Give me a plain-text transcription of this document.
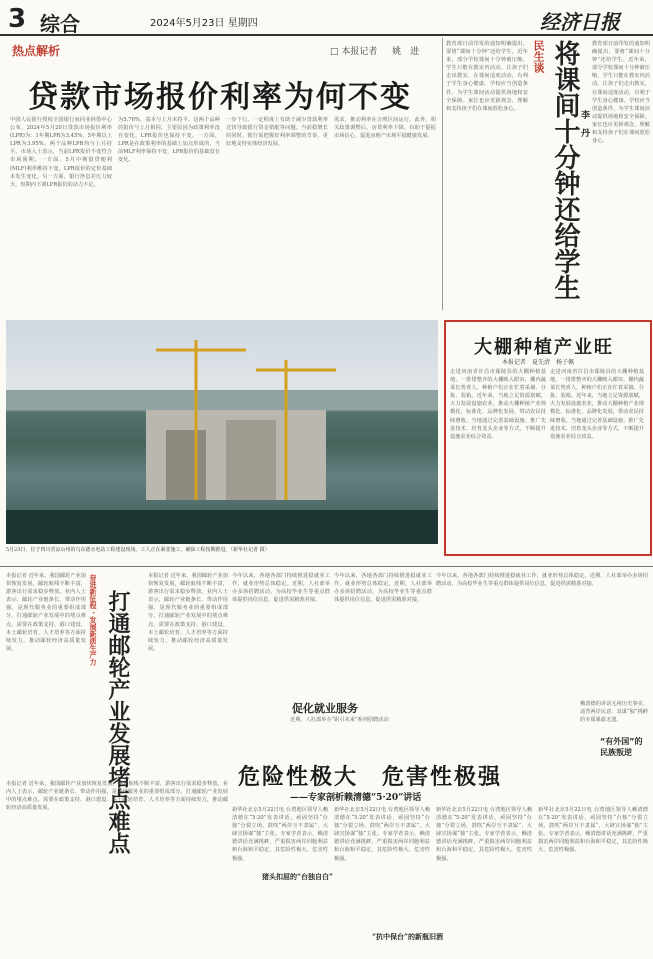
3 综合	2024年5月23日 星期四	经济日报
热点解析	□ 本报记者 　 姚　进
贷款市场报价利率为何不变
中国人民银行授权全国银行间同业拆借中心公布，2024年5月20日贷款市场报价利率(LPR)为：1年期LPR为3.45%，5年期以上LPR为3.95%，两个品种LPR均与上月持平。市场人士表示，当前LPR报价不变符合市场预期。一方面，5月中期借贷便利(MLF)利率维持不变，LPR报价的定价基础未发生变化。另一方面，银行净息差压力较大，短期内下调LPR报价的动力不足。
为5.76%，基本与上月末持平。这两个品种的报价与上月相同，主要原因为政策利率没有变化，LPR报价也保持不变。一方面，LPR是在政策利率的基础上加点形成的，当前MLF利率保持不变，LPR报价的基础没有变化。
一步下行。一定程度上有助于减少贷款利率过快导致银行资金错配等问题。当前稳增长的同时，银行需把握好利率调整的节奏，更好地支持实体经济发展。
需求，推动利率在合理区间运行。此外，相关政策调整后，房贷利率下降，有助于提振市场信心，促进房地产市场平稳健康发展。
教育部日前印发的通知明确提出，要将“课间十分钟”还给学生。近年来，部分学校课间十分钟被压缩，学生只能在教室内活动。让孩子们走出教室，在课间适度活动，有利于学生身心健康。学校应当创造条件，为学生课间活动提供场地和安全保障。家长也应更新观念，理解和支持孩子们在课间放松身心。
民生谈 将课间十分钟还给学生 李　丹
教育部日前印发的通知明确提出，要将“课间十分钟”还给学生。近年来，部分学校课间十分钟被压缩，学生只能在教室内活动。让孩子们走出教室，在课间适度活动，有利于学生身心健康。学校应当创造条件，为学生课间活动提供场地和安全保障。家长也应更新观念，理解和支持孩子们在课间放松身心。
5月23日，位于四川省凉山州的乌东德水电站工程建设现场。工人正在紧张施工，确保工程按期推进。（新华社记者 摄）
大棚种植产业旺
本报记者　夏先清　杨子佩
走进河南省许昌市鄢陵县的大棚种植基地，一排排整齐的大棚映入眼帘，棚内蔬菜长势喜人，种植户们正在忙着采摘、分拣、装箱。近年来，当地立足资源禀赋，大力发展设施农业，推动大棚种植产业规模化、标准化、品牌化发展，带动农民持续增收。当地通过完善基础设施、推广先进技术、培育龙头企业等方式，不断提升设施农业综合效益。
走进河南省许昌市鄢陵县的大棚种植基地，一排排整齐的大棚映入眼帘，棚内蔬菜长势喜人，种植户们正在忙着采摘、分拣、装箱。近年来，当地立足资源禀赋，大力发展设施农业，推动大棚种植产业规模化、标准化、品牌化发展，带动农民持续增收。当地通过完善基础设施、推广先进技术、培育龙头企业等方式，不断提升设施农业综合效益。
本报记者 近年来，我国邮轮产业加快恢复发展，邮轮航线不断丰富，游客出行需求稳步释放。业内人士表示，邮轮产业链条长、带动作用强，是现代服务业的重要组成部分。打通邮轮产业发展中的堵点难点，需要在政策支持、港口建设、本土邮轮培育、人才培养等方面持续发力，推动邮轮经济高质量发展。	奋进新征程 · 发展新质生产力 打通邮轮产业发展堵点难点
本报记者 近年来，我国邮轮产业加快恢复发展，邮轮航线不断丰富，游客出行需求稳步释放。业内人士表示，邮轮产业链条长、带动作用强，是现代服务业的重要组成部分。打通邮轮产业发展中的堵点难点，需要在政策支持、港口建设、本土邮轮培育、人才培养等方面持续发力，推动邮轮经济高质量发展。
今年以来，各地各部门持续推进稳就业工作，就业形势总体稳定。近期，人社部举办多场招聘活动，为高校毕业生等重点群体提供岗位信息，促进供需精准对接。
今年以来，各地各部门持续推进稳就业工作，就业形势总体稳定。近期，人社部举办多场招聘活动，为高校毕业生等重点群体提供岗位信息，促进供需精准对接。
促化就业服务
近期，人社部举办“职引未来”系列招聘活动
今年以来，各地各部门持续推进稳就业工作，就业形势总体稳定。近期，人社部举办多场招聘活动，为高校毕业生等重点群体提供岗位信息，促进供需精准对接。
赖清德的讲话无视历史事实，违背两岸民意，其谋“独”挑衅的本质暴露无遗。
“有外国”的民族叛逆
危险性极大　危害性极强
——专家剖析赖清德“5·20”讲话
新华社北京5月22日电 台湾地区领导人赖清德在“5·20”发表讲话，顽固坚持“台独”分裂立场，鼓吹“两岸互不隶属”，大肆宣扬谋“独”主张。专家学者表示，赖清德讲话充满挑衅，严重损害两岸同胞利益和台海和平稳定，其危险性极大、危害性极强。
新华社北京5月22日电 台湾地区领导人赖清德在“5·20”发表讲话，顽固坚持“台独”分裂立场，鼓吹“两岸互不隶属”，大肆宣扬谋“独”主张。专家学者表示，赖清德讲话充满挑衅，严重损害两岸同胞利益和台海和平稳定，其危险性极大、危害性极强。
新华社北京5月22日电 台湾地区领导人赖清德在“5·20”发表讲话，顽固坚持“台独”分裂立场，鼓吹“两岸互不隶属”，大肆宣扬谋“独”主张。专家学者表示，赖清德讲话充满挑衅，严重损害两岸同胞利益和台海和平稳定，其危险性极大、危害性极强。
新华社北京5月22日电 台湾地区领导人赖清德在“5·20”发表讲话，顽固坚持“台独”分裂立场，鼓吹“两岸互不隶属”，大肆宣扬谋“独”主张。专家学者表示，赖清德讲话充满挑衅，严重损害两岸同胞利益和台海和平稳定，其危险性极大、危害性极强。
猪头扣屈的“台独自白”
“抗中保台”的新瓶旧酒
本报记者 近年来，我国邮轮产业加快恢复发展，邮轮航线不断丰富，游客出行需求稳步释放。业内人士表示，邮轮产业链条长、带动作用强，是现代服务业的重要组成部分。打通邮轮产业发展中的堵点难点，需要在政策支持、港口建设、本土邮轮培育、人才培养等方面持续发力，推动邮轮经济高质量发展。
